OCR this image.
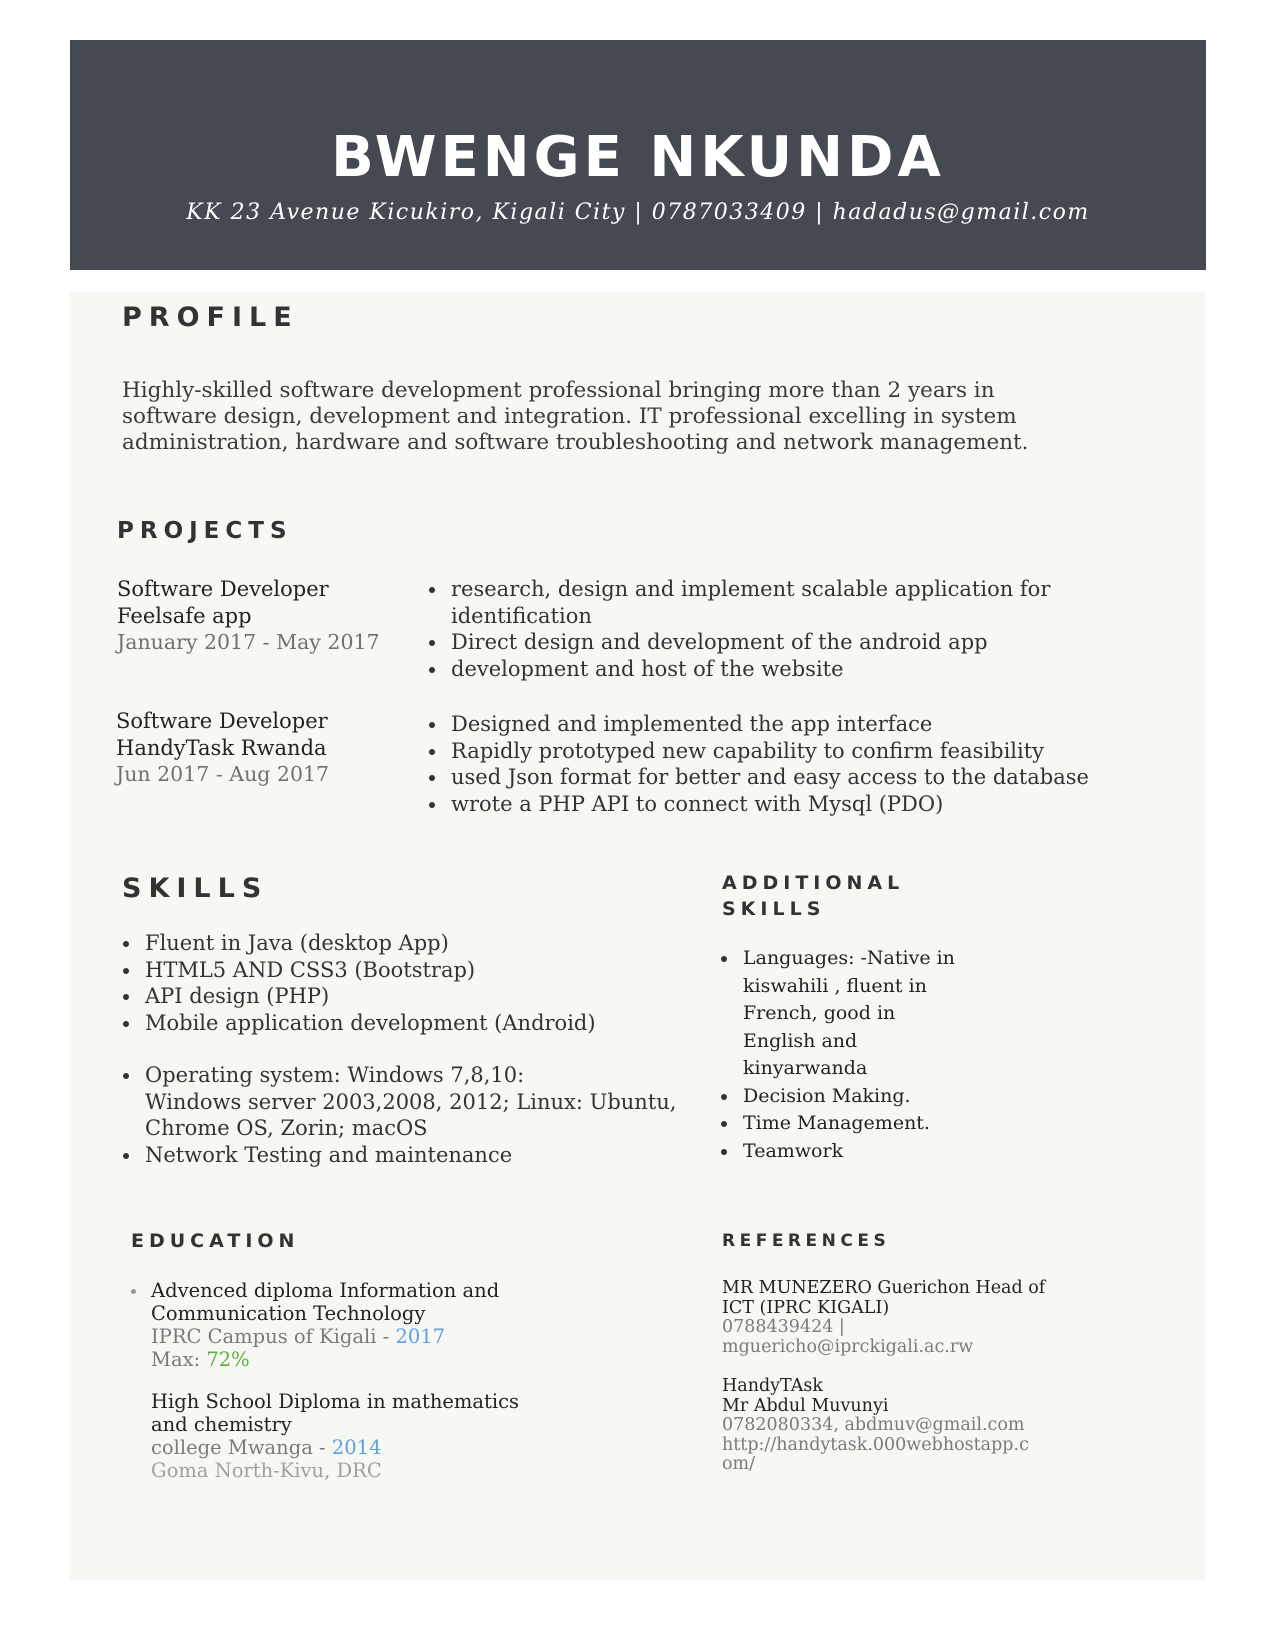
BWENGE NKUNDA
KK 23 Avenue Kicukiro, Kigali City | 0787033409 | hadadus@gmail.com
PROFILE
Highly-skilled software development professional bringing more than 2 years in
software design, development and integration. IT professional excelling in system
administration, hardware and software troubleshooting and network management.
PROJECTS
Software Developer
Feelsafe app
January 2017 - May 2017
research, design and implement scalable application for identification
Direct design and development of the android app
development and host of the website
Software Developer
HandyTask Rwanda
Jun 2017 - Aug 2017
Designed and implemented the app interface
Rapidly prototyped new capability to confirm feasibility
used Json format for better and easy access to the database
wrote a PHP API to connect with Mysql (PDO)
SKILLS
Fluent in Java (desktop App)
HTML5 AND CSS3 (Bootstrap)
API design (PHP)
Mobile application development (Android)
Operating system: Windows 7,8,10:
Windows server 2003,2008, 2012; Linux: Ubuntu,
Chrome OS, Zorin; macOS
Network Testing and maintenance
ADDITIONAL
SKILLS
Languages: -Native in
kiswahili , fluent in
French, good in
English and
kinyarwanda
Decision Making.
Time Management.
Teamwork
EDUCATION
Advenced diploma Information and
Communication Technology
IPRC Campus of Kigali - 2017
Max: 72%
High School Diploma in mathematics
and chemistry
college Mwanga - 2014
Goma North-Kivu, DRC
REFERENCES
MR MUNEZERO Guerichon Head of
ICT (IPRC KIGALI)
0788439424 |
mguericho@iprckigali.ac.rw
HandyTAsk
Mr Abdul Muvunyi
0782080334, abdmuv@gmail.com
http://handytask.000webhostapp.c
om/
